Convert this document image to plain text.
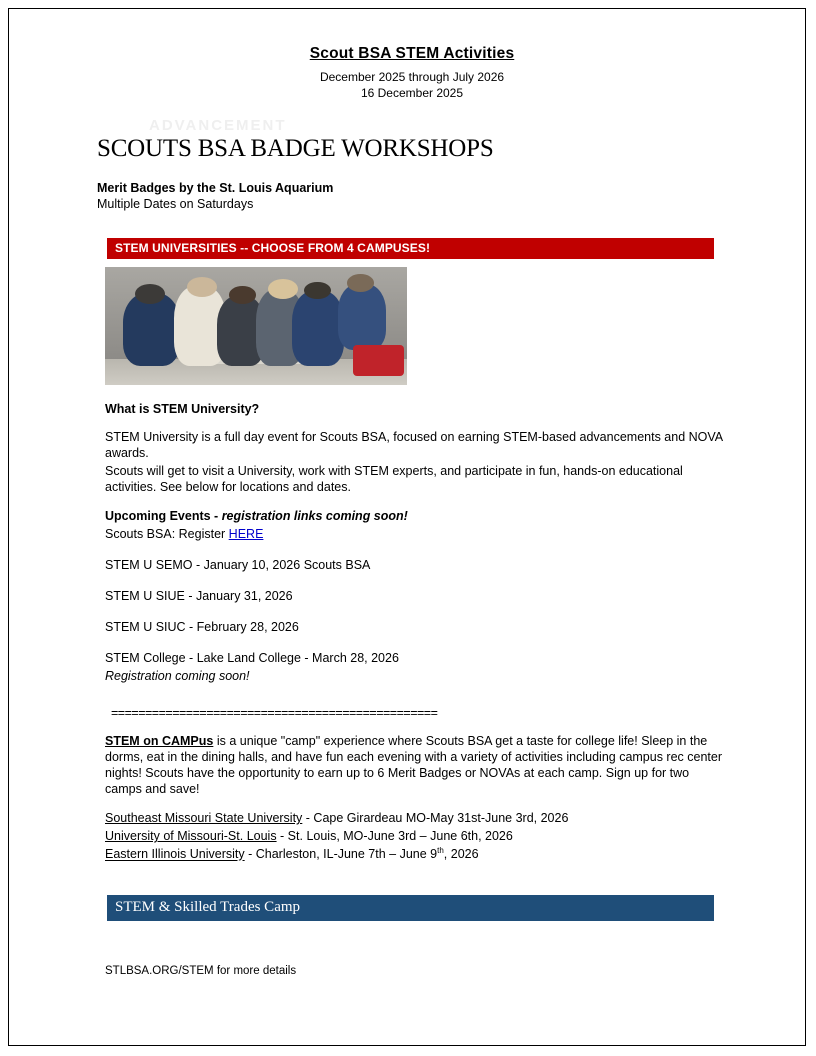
ADVANCEMENT
Scout BSA STEM Activities
December 2025 through July 2026
16 December 2025
SCOUTS BSA BADGE WORKSHOPS
Merit Badges by the St. Louis Aquarium
Multiple Dates on Saturdays
STEM UNIVERSITIES -- CHOOSE FROM 4 CAMPUSES!
What is STEM University?
STEM University is a full day event for Scouts BSA, focused on earning STEM-based advancements and NOVA awards.
Scouts will get to visit a University, work with STEM experts, and participate in fun, hands-on educational activities. See below for locations and dates.
Upcoming Events - registration links coming soon!
Scouts BSA: Register HERE
STEM U SEMO - January 10, 2026 Scouts BSA
STEM U SIUE - January 31, 2026
STEM U SIUC - February 28, 2026
STEM College - Lake Land College - March 28, 2026
Registration coming soon!
================================================
STEM on CAMPus is a unique "camp" experience where Scouts BSA get a taste for college life! Sleep in the dorms, eat in the dining halls, and have fun each evening with a variety of activities including campus rec center nights! Scouts have the opportunity to earn up to 6 Merit Badges or NOVAs at each camp. Sign up for two camps and save!
Southeast Missouri State University - Cape Girardeau MO-May 31st-June 3rd, 2026
University of Missouri-St. Louis - St. Louis, MO-June 3rd – June 6th, 2026
Eastern Illinois University - Charleston, IL-June 7th – June 9th, 2026
STEM & Skilled Trades Camp
STLBSA.ORG/STEM for more details
